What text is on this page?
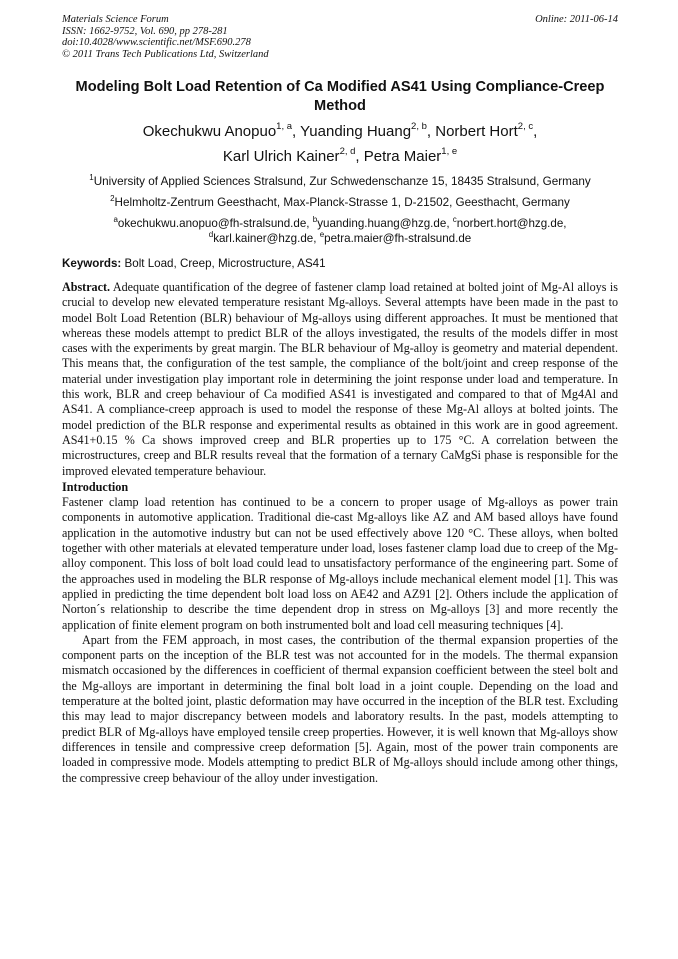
Materials Science Forum
ISSN: 1662-9752, Vol. 690, pp 278-281
doi:10.4028/www.scientific.net/MSF.690.278
© 2011 Trans Tech Publications Ltd, Switzerland
Online: 2011-06-14
Modeling Bolt Load Retention of Ca Modified AS41 Using Compliance-Creep Method
Okechukwu Anopuo$^{1, a}$, Yuanding Huang$^{2, b}$, Norbert Hort$^{2, c}$,
Karl Ulrich Kainer$^{2, d}$, Petra Maier$^{1, e}$
$^1$University of Applied Sciences Stralsund, Zur Schwedenschanze 15, 18435 Stralsund, Germany
$^2$Helmholtz-Zentrum Geesthacht, Max-Planck-Strasse 1, D-21502, Geesthacht, Germany
$^a$okechukwu.anopuo@fh-stralsund.de, $^b$yuanding.huang@hzg.de, $^c$norbert.hort@hzg.de,
$^d$karl.kainer@hzg.de, $^e$petra.maier@fh-stralsund.de
Keywords: Bolt Load, Creep, Microstructure, AS41

Abstract. Adequate quantification of the degree of fastener clamp load retained at bolted joint of Mg-Al alloys is crucial to develop new elevated temperature resistant Mg-alloys. Several attempts have been made in the past to model Bolt Load Retention (BLR) behaviour of Mg-alloys using different approaches. It must be mentioned that whereas these models attempt to predict BLR of the alloys investigated, the results of the models differ in most cases with the experiments by great margin. The BLR behaviour of Mg-alloy is geometry and material dependent. This means that, the configuration of the test sample, the compliance of the bolt/joint and creep response of the material under investigation play important role in determining the joint response under load and temperature. In this work, BLR and creep behaviour of Ca modified AS41 is investigated and compared to that of Mg4Al and AS41. A compliance-creep approach is used to model the response of these Mg-Al alloys at bolted joints. The model prediction of the BLR response and experimental results as obtained in this work are in good agreement. AS41+0.15 % Ca shows improved creep and BLR properties up to 175 °C. A correlation between the microstructures, creep and BLR results reveal that the formation of a ternary CaMgSi phase is responsible for the improved elevated temperature behaviour.

Introduction

Fastener clamp load retention has continued to be a concern to proper usage of Mg-alloys as power train components in automotive application. Traditional die-cast Mg-alloys like AZ and AM based alloys have found application in the automotive industry but can not be used effectively above 120 °C. These alloys, when bolted together with other materials at elevated temperature under load, loses fastener clamp load due to creep of the Mg-alloy component. This loss of bolt load could lead to unsatisfactory performance of the engineering part. Some of the approaches used in modeling the BLR response of Mg-alloys include mechanical element model [1]. This was applied in predicting the time dependent bolt load loss on AE42 and AZ91 [2]. Others include the application of Norton´s relationship to describe the time dependent drop in stress on Mg-alloys [3] and more recently the application of finite element program on both instrumented bolt and load cell measuring techniques [4].

Apart from the FEM approach, in most cases, the contribution of the thermal expansion properties of the component parts on the inception of the BLR test was not accounted for in the models. The thermal expansion mismatch occasioned by the differences in coefficient of thermal expansion coefficient between the steel bolt and the Mg-alloys are important in determining the final bolt load in a joint couple. Depending on the load and temperature at the bolted joint, plastic deformation may have occurred in the inception of the BLR test. Excluding this may lead to major discrepancy between models and laboratory results. In the past, models attempting to predict BLR of Mg-alloys have employed tensile creep properties. However, it is well known that Mg-alloys show differences in tensile and compressive creep deformation [5]. Again, most of the power train components are loaded in compressive mode. Models attempting to predict BLR of Mg-alloys should include among other things, the compressive creep behaviour of the alloy under investigation.
